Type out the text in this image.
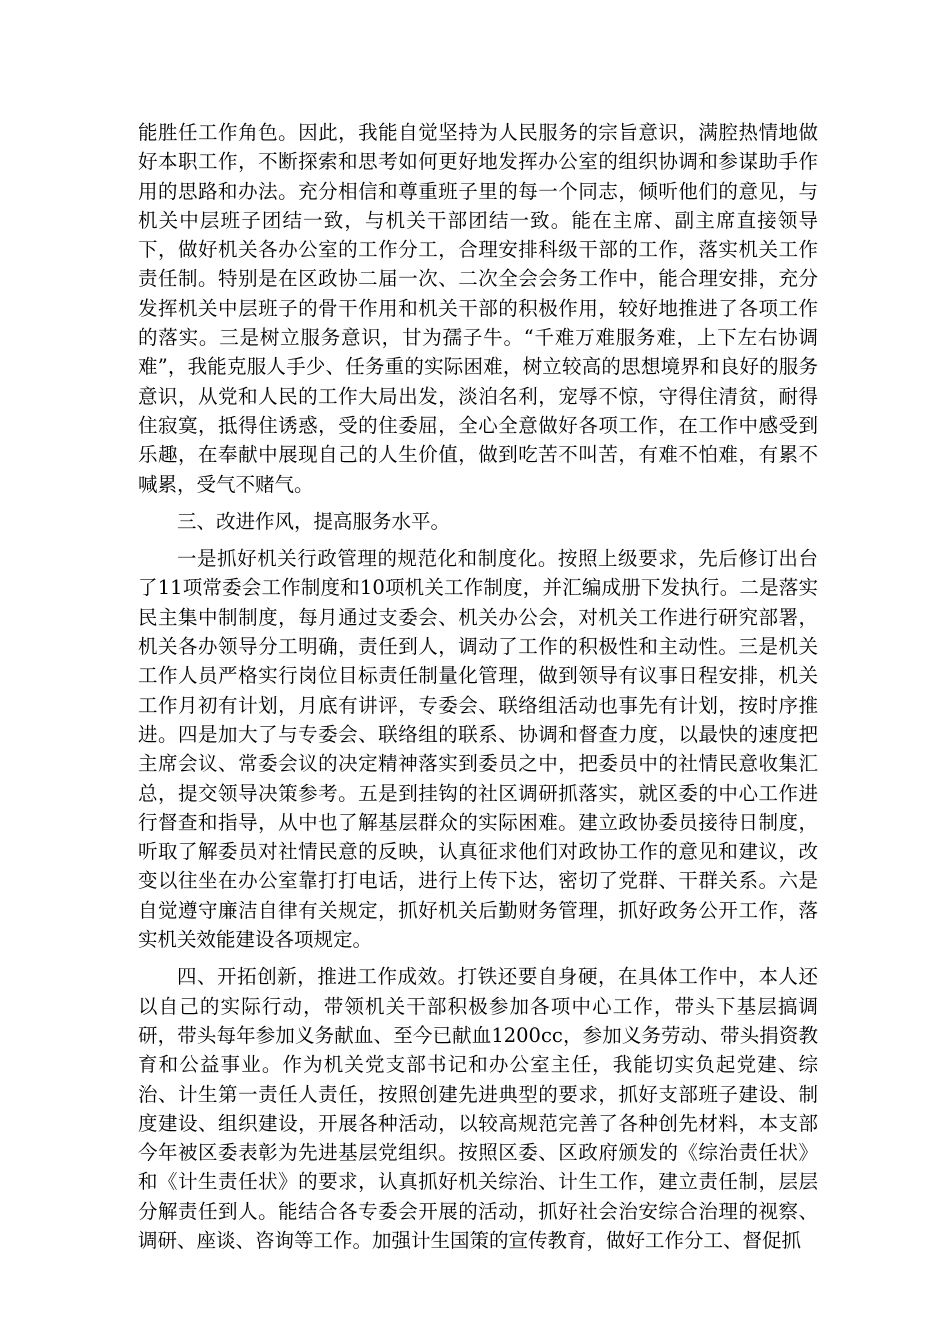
能胜任工作角色。因此，我能自觉坚持为人民服务的宗旨意识，满腔热情地做好本职工作，不断探索和思考如何更好地发挥办公室的组织协调和参谋助手作用的思路和办法。充分相信和尊重班子里的每一个同志，倾听他们的意见，与机关中层班子团结一致，与机关干部团结一致。能在主席、副主席直接领导下，做好机关各办公室的工作分工，合理安排科级干部的工作，落实机关工作责任制。特别是在区政协二届一次、二次全会会务工作中，能合理安排，充分发挥机关中层班子的骨干作用和机关干部的积极作用，较好地推进了各项工作的落实。三是树立服务意识，甘为孺子牛。“千难万难服务难，上下左右协调难”，我能克服人手少、任务重的实际困难，树立较高的思想境界和良好的服务意识，从党和人民的工作大局出发，淡泊名利，宠辱不惊，守得住清贫，耐得住寂寞，抵得住诱惑，受的住委屈，全心全意做好各项工作，在工作中感受到乐趣，在奉献中展现自己的人生价值，做到吃苦不叫苦，有难不怕难，有累不喊累，受气不赌气。

三、改进作风，提高服务水平。

一是抓好机关行政管理的规范化和制度化。按照上级要求，先后修订出台了11项常委会工作制度和10项机关工作制度，并汇编成册下发执行。二是落实民主集中制制度，每月通过支委会、机关办公会，对机关工作进行研究部署，机关各办领导分工明确，责任到人，调动了工作的积极性和主动性。三是机关工作人员严格实行岗位目标责任制量化管理，做到领导有议事日程安排，机关工作月初有计划，月底有讲评，专委会、联络组活动也事先有计划，按时序推进。四是加大了与专委会、联络组的联系、协调和督查力度，以最快的速度把主席会议、常委会议的决定精神落实到委员之中，把委员中的社情民意收集汇总，提交领导决策参考。五是到挂钩的社区调研抓落实，就区委的中心工作进行督查和指导，从中也了解基层群众的实际困难。建立政协委员接待日制度，听取了解委员对社情民意的反映，认真征求他们对政协工作的意见和建议，改变以往坐在办公室靠打打电话，进行上传下达，密切了党群、干群关系。六是自觉遵守廉洁自律有关规定，抓好机关后勤财务管理，抓好政务公开工作，落实机关效能建设各项规定。

四、开拓创新，推进工作成效。打铁还要自身硬，在具体工作中，本人还以自己的实际行动，带领机关干部积极参加各项中心工作，带头下基层搞调研，带头每年参加义务献血、至今已献血1200cc，参加义务劳动、带头捐资教育和公益事业。作为机关党支部书记和办公室主任，我能切实负起党建、综治、计生第一责任人责任，按照创建先进典型的要求，抓好支部班子建设、制度建设、组织建设，开展各种活动，以较高规范完善了各种创先材料，本支部今年被区委表彰为先进基层党组织。按照区委、区政府颁发的《综治责任状》和《计生责任状》的要求，认真抓好机关综治、计生工作，建立责任制，层层分解责任到人。能结合各专委会开展的活动，抓好社会治安综合治理的视察、调研、座谈、咨询等工作。加强计生国策的宣传教育，做好工作分工、督促抓
